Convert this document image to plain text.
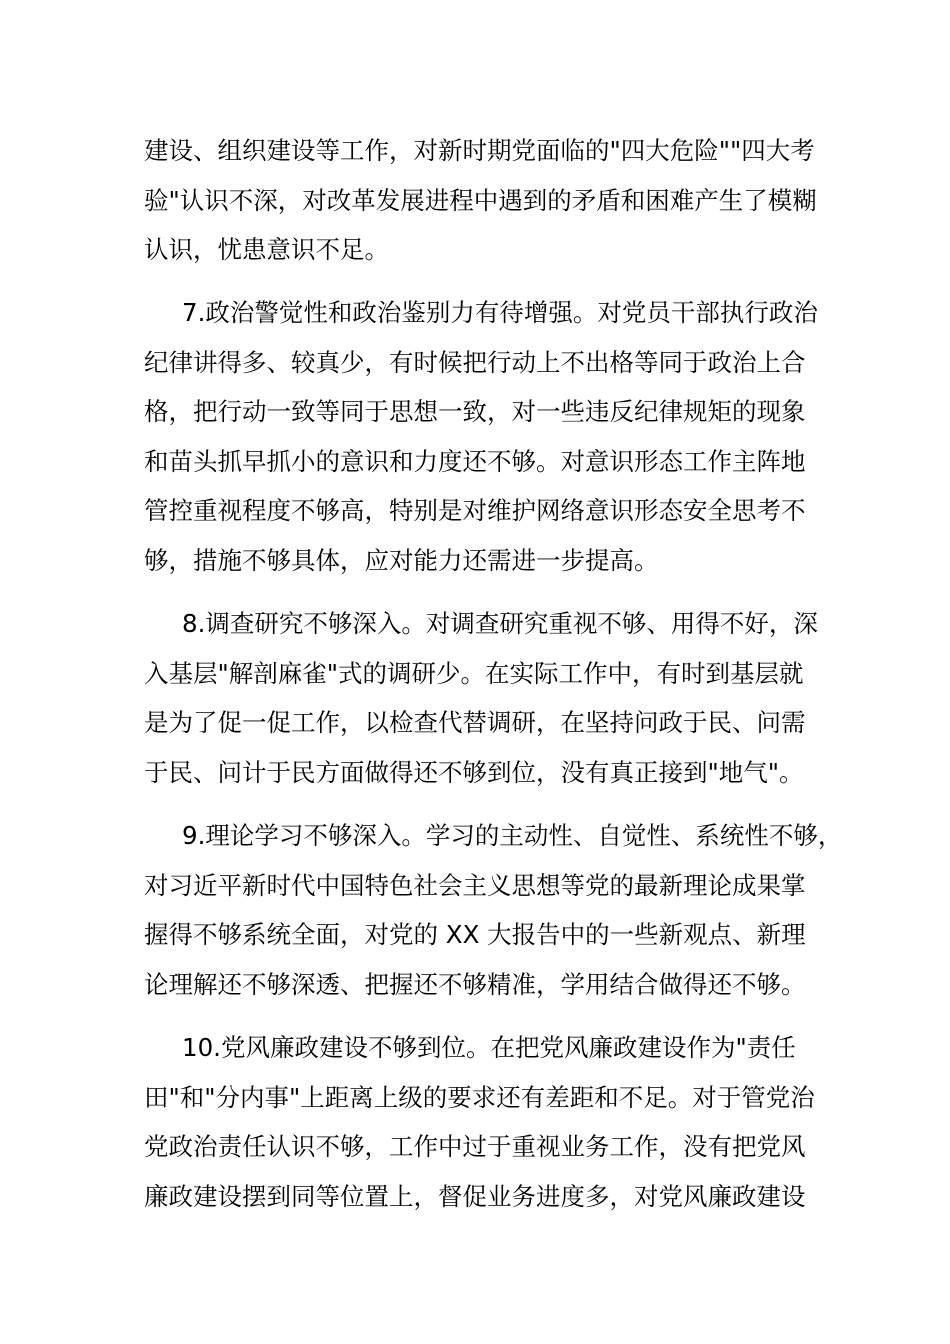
建设、组织建设等工作，对新时期党面临的"四大危险""四大考
验"认识不深，对改革发展进程中遇到的矛盾和困难产生了模糊
认识，忧患意识不足。
7.政治警觉性和政治鉴别力有待增强。对党员干部执行政治
纪律讲得多、较真少，有时候把行动上不出格等同于政治上合
格，把行动一致等同于思想一致，对一些违反纪律规矩的现象
和苗头抓早抓小的意识和力度还不够。对意识形态工作主阵地
管控重视程度不够高，特别是对维护网络意识形态安全思考不
够，措施不够具体，应对能力还需进一步提高。
8.调查研究不够深入。对调查研究重视不够、用得不好，深
入基层"解剖麻雀"式的调研少。在实际工作中，有时到基层就
是为了促一促工作，以检查代替调研，在坚持问政于民、问需
于民、问计于民方面做得还不够到位，没有真正接到"地气"。
9.理论学习不够深入。学习的主动性、自觉性、系统性不够，
对习近平新时代中国特色社会主义思想等党的最新理论成果掌
握得不够系统全面，对党的 XX 大报告中的一些新观点、新理
论理解还不够深透、把握还不够精准，学用结合做得还不够。
10.党风廉政建设不够到位。在把党风廉政建设作为"责任
田"和"分内事"上距离上级的要求还有差距和不足。对于管党治
党政治责任认识不够，工作中过于重视业务工作，没有把党风
廉政建设摆到同等位置上，督促业务进度多，对党风廉政建设
